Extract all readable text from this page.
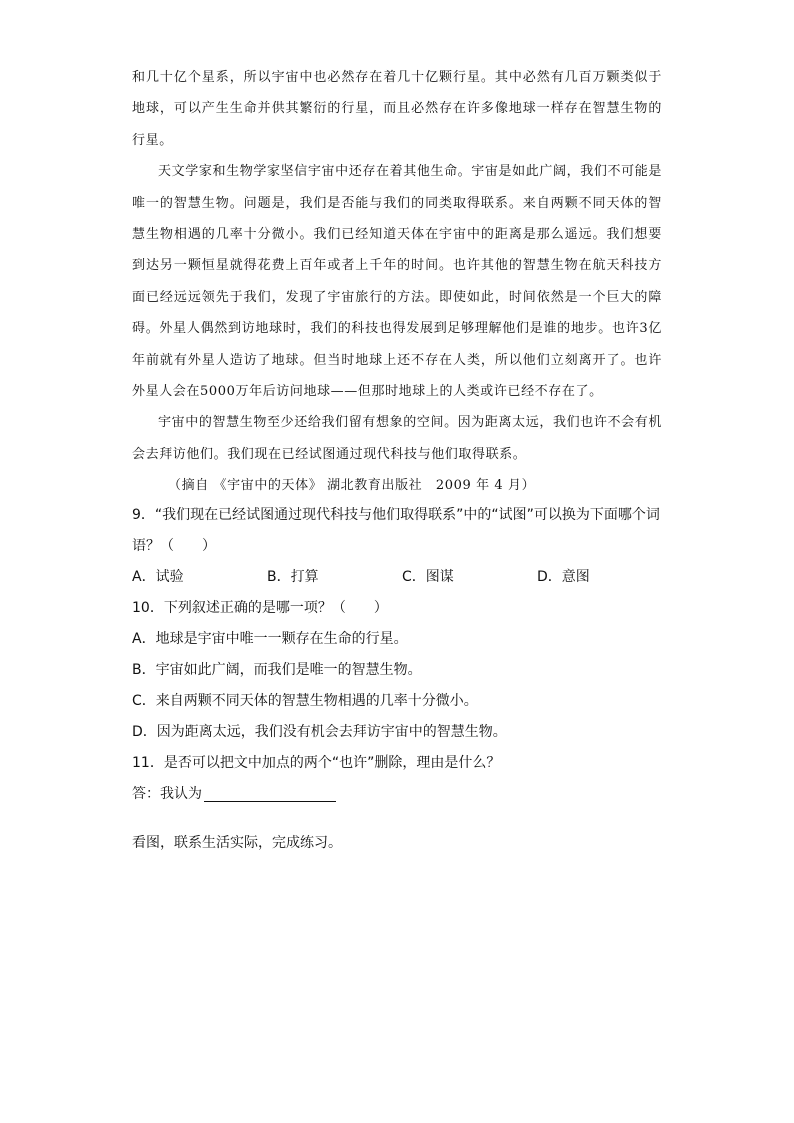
和几十亿个星系，所以宇宙中也必然存在着几十亿颗行星。其中必然有几百万颗类似于地球，可以产生生命并供其繁衍的行星，而且必然存在许多像地球一样存在智慧生物的行星。

天文学家和生物学家坚信宇宙中还存在着其他生命。宇宙是如此广阔，我们不可能是唯一的智慧生物。问题是，我们是否能与我们的同类取得联系。来自两颗不同天体的智慧生物相遇的几率十分微小。我们已经知道天体在宇宙中的距离是那么遥远。我们想要到达另一颗恒星就得花费上百年或者上千年的时间。也许其他的智慧生物在航天科技方面已经远远领先于我们，发现了宇宙旅行的方法。即使如此，时间依然是一个巨大的障碍。外星人偶然到访地球时，我们的科技也得发展到足够理解他们是谁的地步。也许3亿年前就有外星人造访了地球。但当时地球上还不存在人类，所以他们立刻离开了。也许外星人会在5000万年后访问地球——但那时地球上的人类或许已经不存在了。

宇宙中的智慧生物至少还给我们留有想象的空间。因为距离太远，我们也许不会有机会去拜访他们。我们现在已经试图通过现代科技与他们取得联系。

（摘自 《宇宙中的天体》 湖北教育出版社　2009 年 4 月）

9．“我们现在已经试图通过现代科技与他们取得联系”中的“试图”可以换为下面哪个词语？（　　）

A．试验	B．打算	C．图谋	D．意图

10．下列叙述正确的是哪一项？（　　）

A．地球是宇宙中唯一一颗存在生命的行星。

B．宇宙如此广阔，而我们是唯一的智慧生物。

C．来自两颗不同天体的智慧生物相遇的几率十分微小。

D．因为距离太远，我们没有机会去拜访宇宙中的智慧生物。

11．是否可以把文中加点的两个“也许”删除，理由是什么？

答：我认为

看图，联系生活实际，完成练习。
